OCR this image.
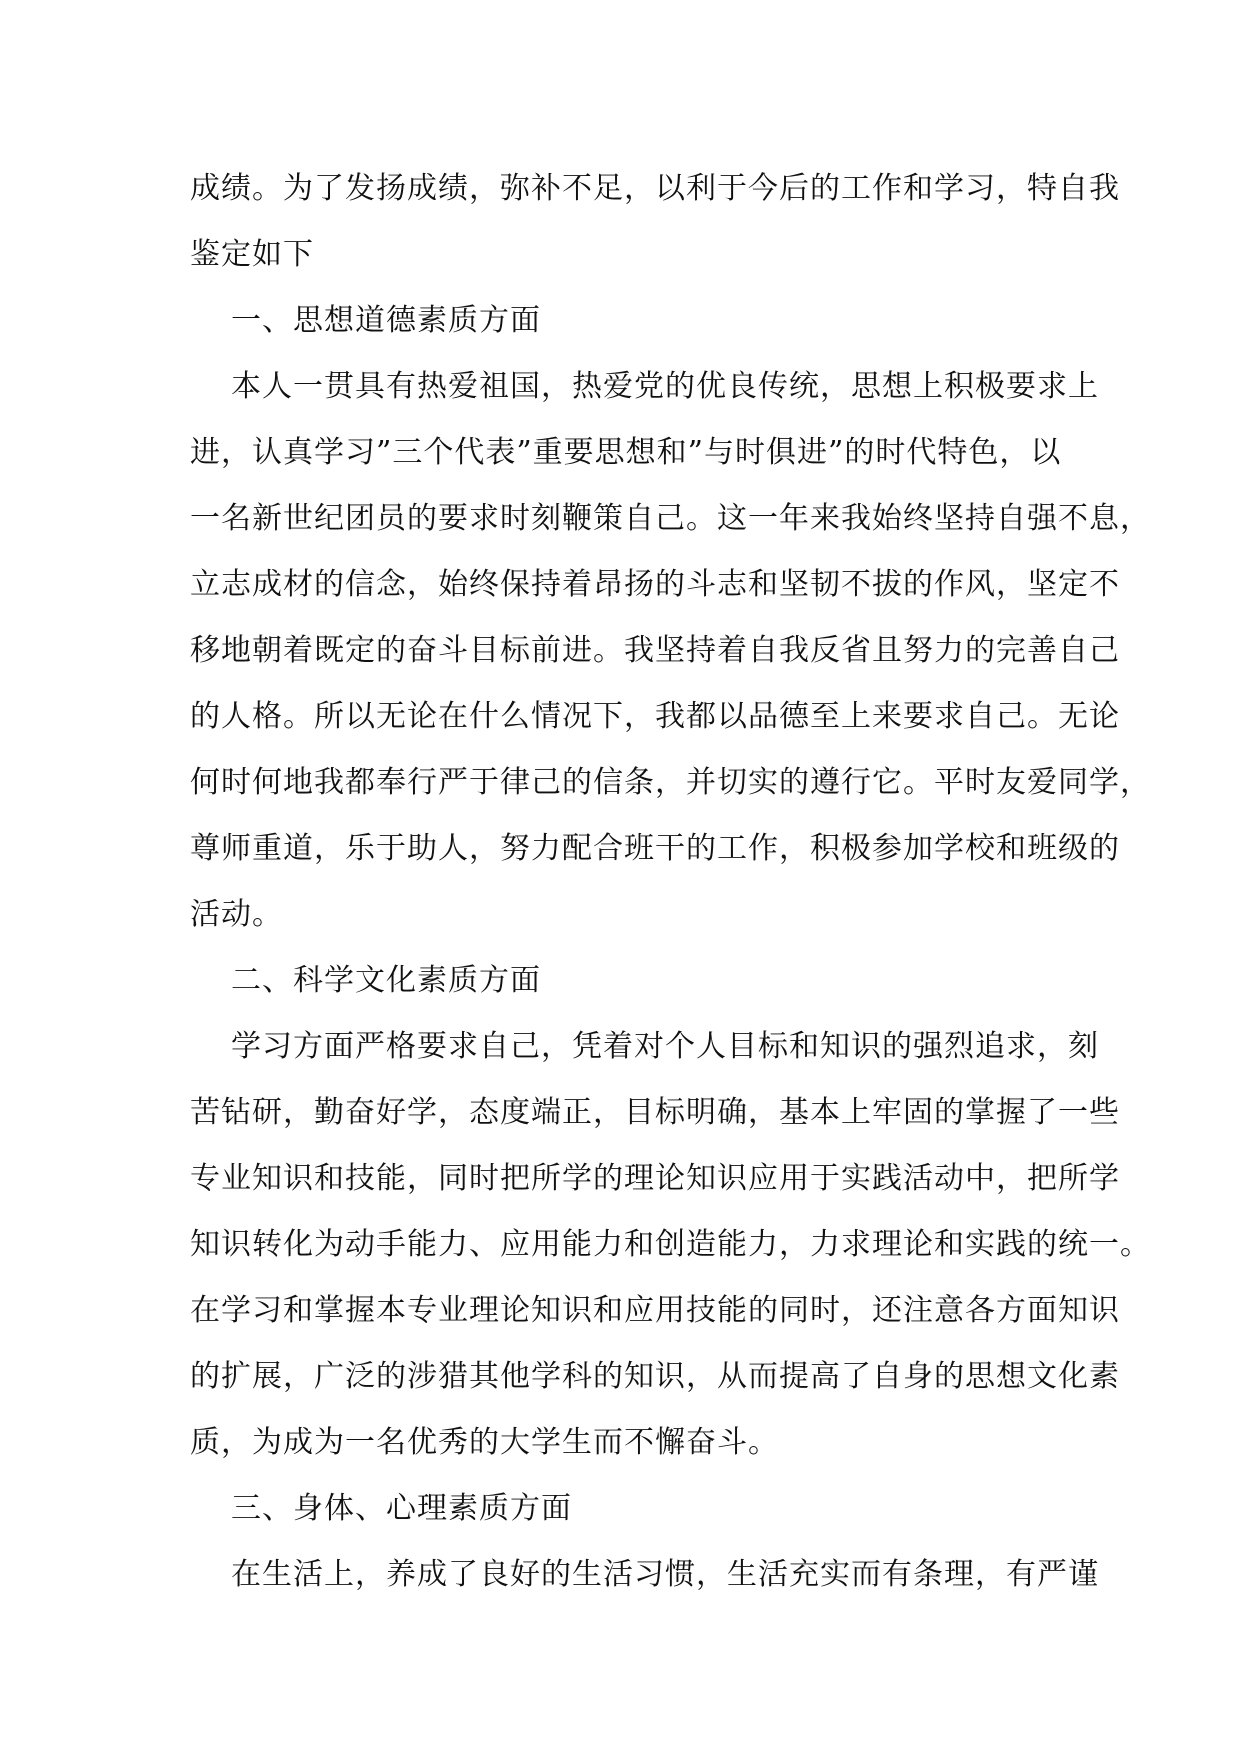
成绩。为了发扬成绩，弥补不足，以利于今后的工作和学习，特自我
鉴定如下
一、思想道德素质方面
本人一贯具有热爱祖国，热爱党的优良传统，思想上积极要求上
进，认真学习”三个代表”重要思想和”与时俱进”的时代特色，以
一名新世纪团员的要求时刻鞭策自己。这一年来我始终坚持自强不息，
立志成材的信念，始终保持着昂扬的斗志和坚韧不拔的作风，坚定不
移地朝着既定的奋斗目标前进。我坚持着自我反省且努力的完善自己
的人格。所以无论在什么情况下，我都以品德至上来要求自己。无论
何时何地我都奉行严于律己的信条，并切实的遵行它。平时友爱同学，
尊师重道，乐于助人，努力配合班干的工作，积极参加学校和班级的
活动。
二、科学文化素质方面
学习方面严格要求自己，凭着对个人目标和知识的强烈追求，刻
苦钻研，勤奋好学，态度端正，目标明确，基本上牢固的掌握了一些
专业知识和技能，同时把所学的理论知识应用于实践活动中，把所学
知识转化为动手能力、应用能力和创造能力，力求理论和实践的统一。
在学习和掌握本专业理论知识和应用技能的同时，还注意各方面知识
的扩展，广泛的涉猎其他学科的知识，从而提高了自身的思想文化素
质，为成为一名优秀的大学生而不懈奋斗。
三、身体、心理素质方面
在生活上，养成了良好的生活习惯，生活充实而有条理，有严谨
